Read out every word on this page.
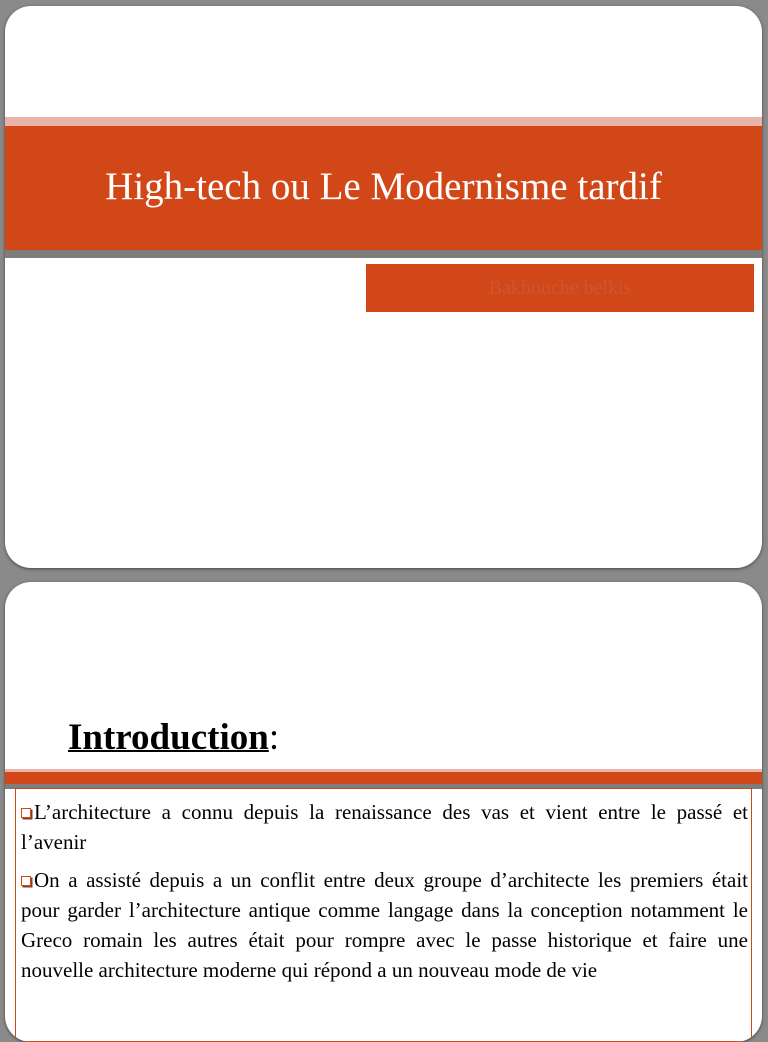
High-tech ou Le Modernisme tardif
Bakhouche belkis
Introduction:
L’architecture a connu depuis la renaissance des vas et vient entre le passé et l’avenir
On a assisté depuis a un conflit entre deux groupe d’architecte les premiers était pour garder l’architecture antique comme langage dans la conception notamment le Greco romain les autres était pour rompre avec le passe historique et faire une nouvelle architecture moderne qui répond a un nouveau mode de vie
